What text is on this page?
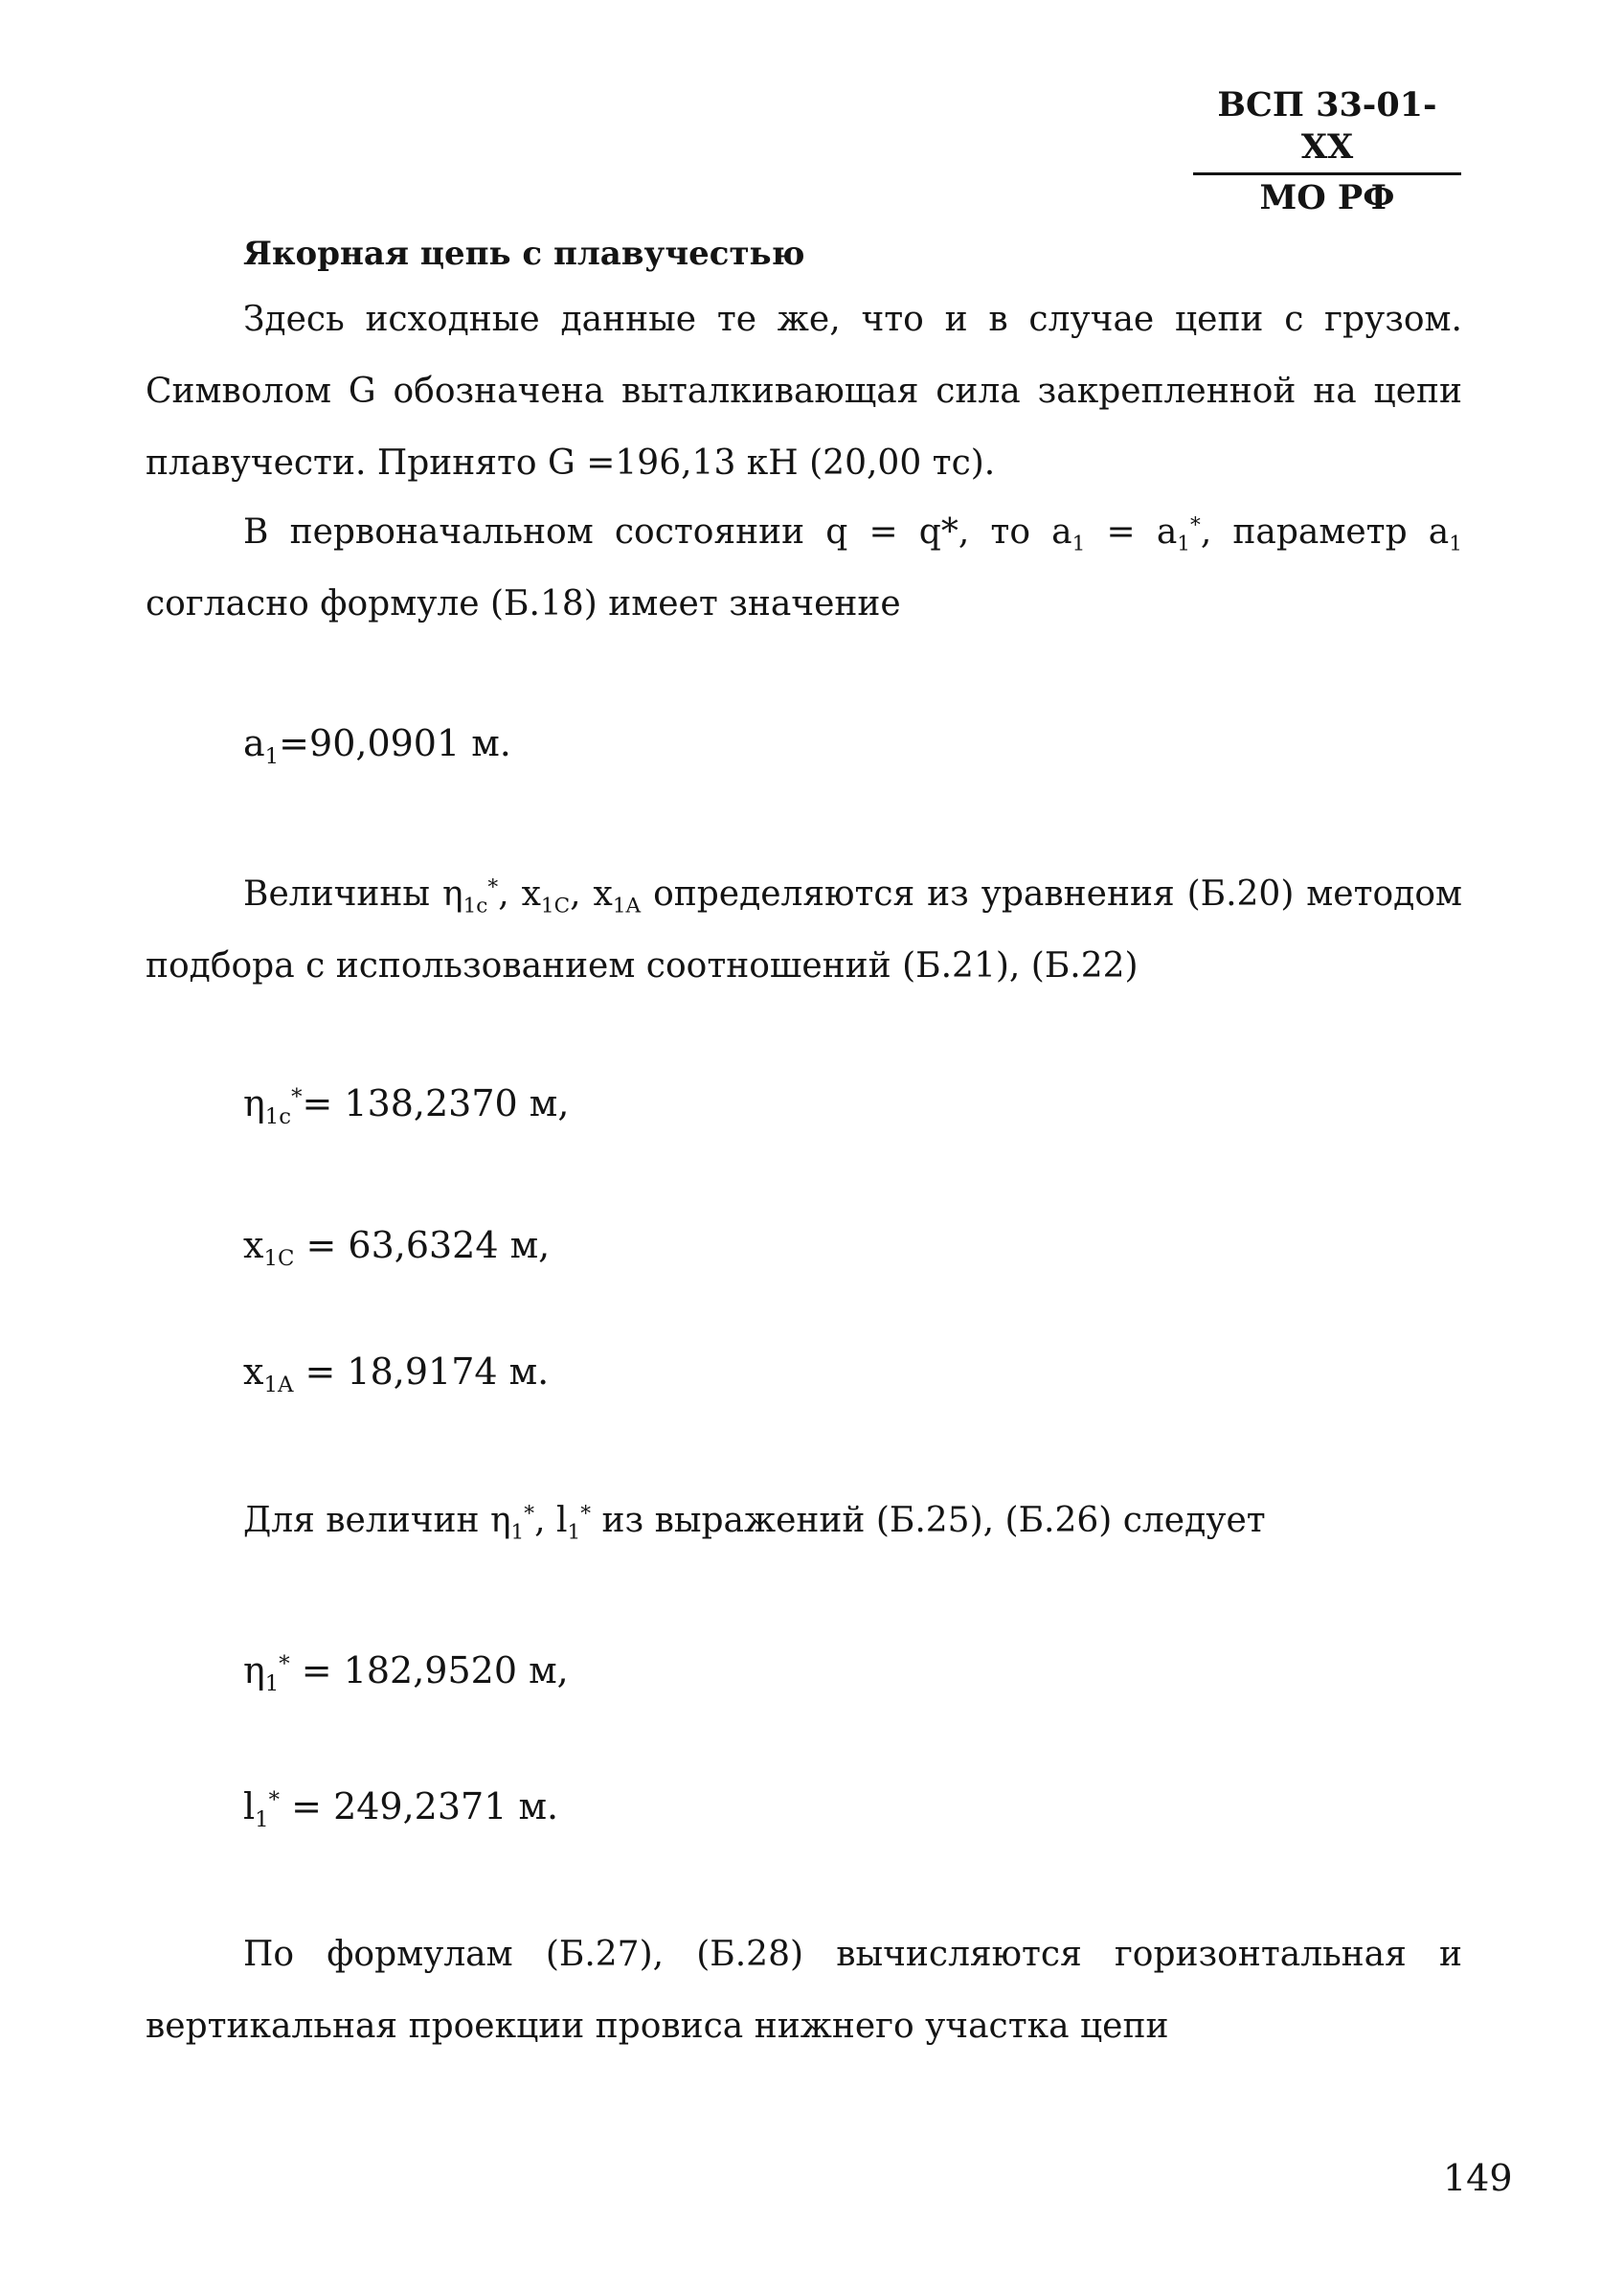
ВСП 33-01-ХХ
МО РФ
Якорная цепь с плавучестью
Здесь исходные данные те же, что и в случае цепи с грузом. Символом G обозначена выталкивающая сила закрепленной на цепи плавучести. Принято G =196,13 кН (20,00 тс).
В первоначальном состоянии q = q*, то $a_1 = a_1^*$, параметр $a_1$ согласно формуле (Б.18) имеет значение
$a_1=90,0901$ м.
Величины $\eta_{1c}^*$, $x_{1C}$, $x_{1A}$ определяются из уравнения (Б.20) методом подбора с использованием соотношений (Б.21), (Б.22)
$\eta_{1c}^*= 138,2370$ м,
$x_{1C} = 63,6324$ м,
$x_{1A} = 18,9174$ м.
Для величин $\eta_1^*$, $l_1^*$ из выражений (Б.25), (Б.26) следует
$\eta_1^* = 182,9520$ м,
$l_1^* = 249,2371$ м.
По формулам (Б.27), (Б.28) вычисляются горизонтальная и вертикальная проекции провиса нижнего участка цепи
149
